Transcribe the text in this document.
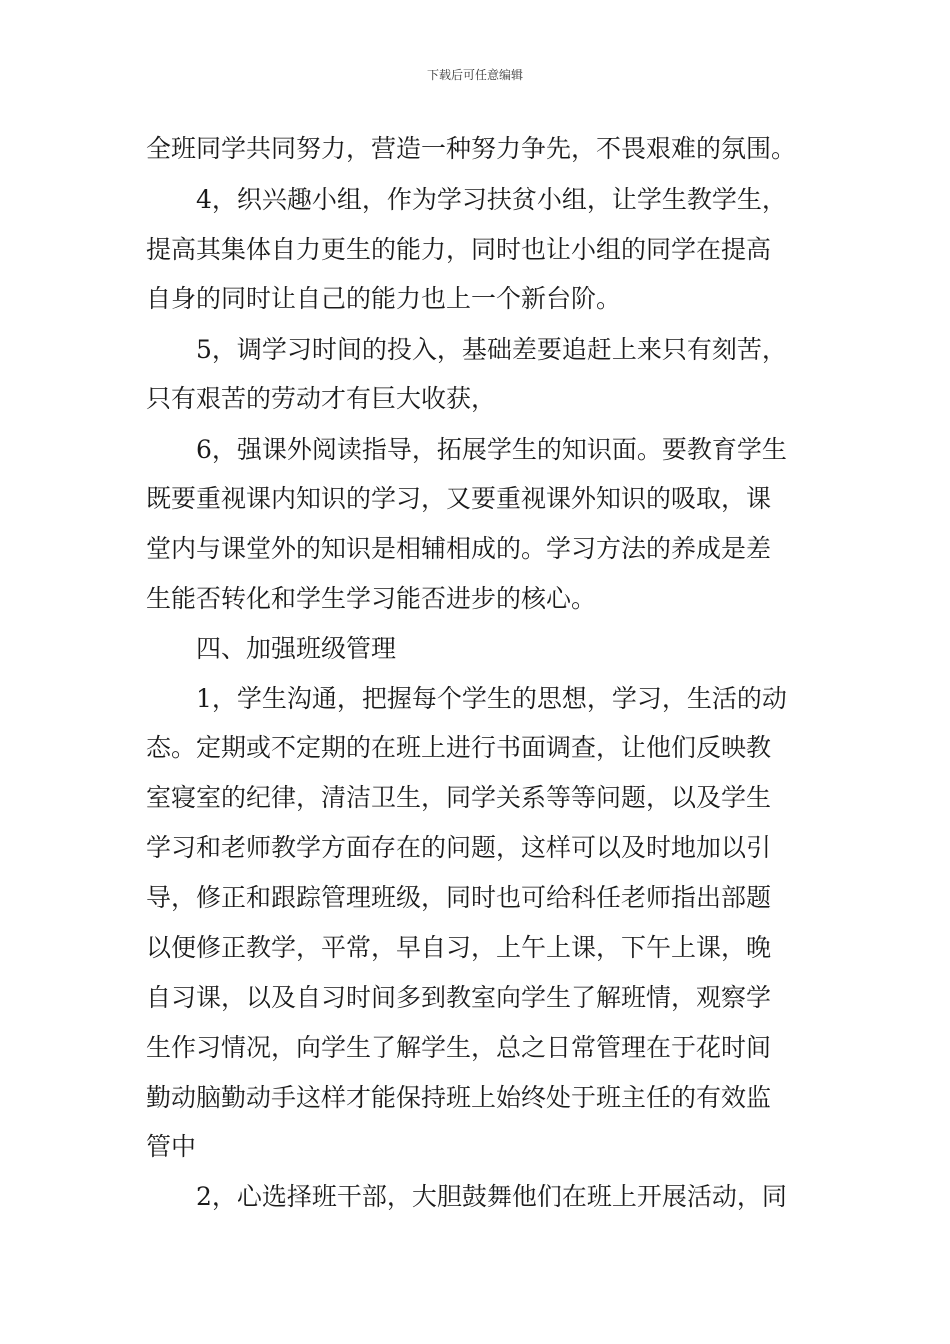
下载后可任意编辑
全班同学共同努力，营造一种努力争先，不畏艰难的氛围。
4，织兴趣小组，作为学习扶贫小组，让学生教学生，
提高其集体自力更生的能力，同时也让小组的同学在提高
自身的同时让自己的能力也上一个新台阶。
5，调学习时间的投入，基础差要追赶上来只有刻苦，
只有艰苦的劳动才有巨大收获，
6，强课外阅读指导，拓展学生的知识面。要教育学生
既要重视课内知识的学习，又要重视课外知识的吸取，课
堂内与课堂外的知识是相辅相成的。学习方法的养成是差
生能否转化和学生学习能否进步的核心。
四、加强班级管理
1，学生沟通，把握每个学生的思想，学习，生活的动
态。定期或不定期的在班上进行书面调查，让他们反映教
室寝室的纪律，清洁卫生，同学关系等等问题，以及学生
学习和老师教学方面存在的问题，这样可以及时地加以引
导，修正和跟踪管理班级，同时也可给科任老师指出部题
以便修正教学，平常，早自习，上午上课，下午上课，晚
自习课，以及自习时间多到教室向学生了解班情，观察学
生作习情况，向学生了解学生，总之日常管理在于花时间
勤动脑勤动手这样才能保持班上始终处于班主任的有效监
管中
2，心选择班干部，大胆鼓舞他们在班上开展活动，同
